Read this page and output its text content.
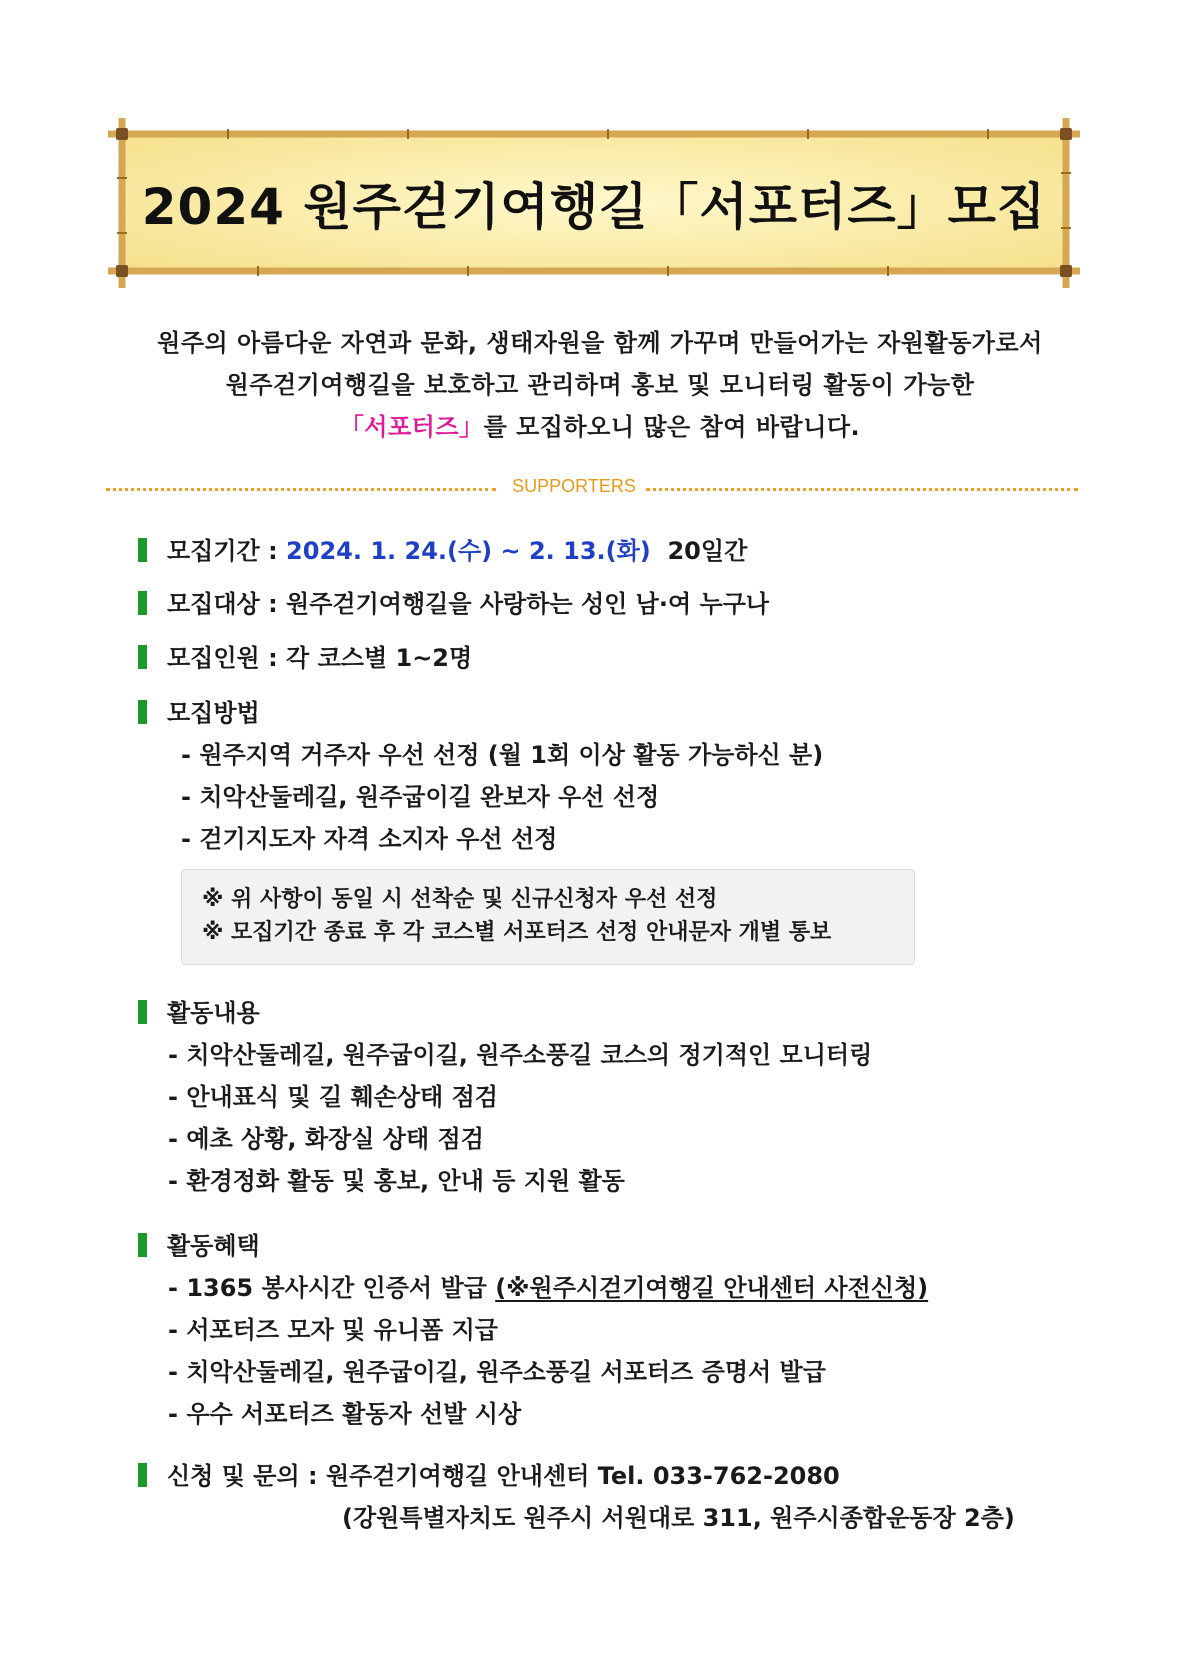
2024 원주걷기여행길「서포터즈」모집
원주의 아름다운 자연과 문화, 생태자원을 함께 가꾸며 만들어가는 자원활동가로서
원주걷기여행길을 보호하고 관리하며 홍보 및 모니터링 활동이 가능한
「서포터즈」를 모집하오니 많은 참여 바랍니다.
SUPPORTERS
모집기간 : 2024. 1. 24.(수) ~ 2. 13.(화) 20일간
모집대상 : 원주걷기여행길을 사랑하는 성인 남·여 누구나
모집인원 : 각 코스별 1~2명
모집방법
- 원주지역 거주자 우선 선정 (월 1회 이상 활동 가능하신 분)
- 치악산둘레길, 원주굽이길 완보자 우선 선정
- 걷기지도자 자격 소지자 우선 선정
※ 위 사항이 동일 시 선착순 및 신규신청자 우선 선정
※ 모집기간 종료 후 각 코스별 서포터즈 선정 안내문자 개별 통보
활동내용
- 치악산둘레길, 원주굽이길, 원주소풍길 코스의 정기적인 모니터링
- 안내표식 및 길 훼손상태 점검
- 예초 상황, 화장실 상태 점검
- 환경정화 활동 및 홍보, 안내 등 지원 활동
활동혜택
- 1365 봉사시간 인증서 발급 (※원주시걷기여행길 안내센터 사전신청)
- 서포터즈 모자 및 유니폼 지급
- 치악산둘레길, 원주굽이길, 원주소풍길 서포터즈 증명서 발급
- 우수 서포터즈 활동자 선발 시상
신청 및 문의 : 원주걷기여행길 안내센터 Tel. 033-762-2080
(강원특별자치도 원주시 서원대로 311, 원주시종합운동장 2층)
